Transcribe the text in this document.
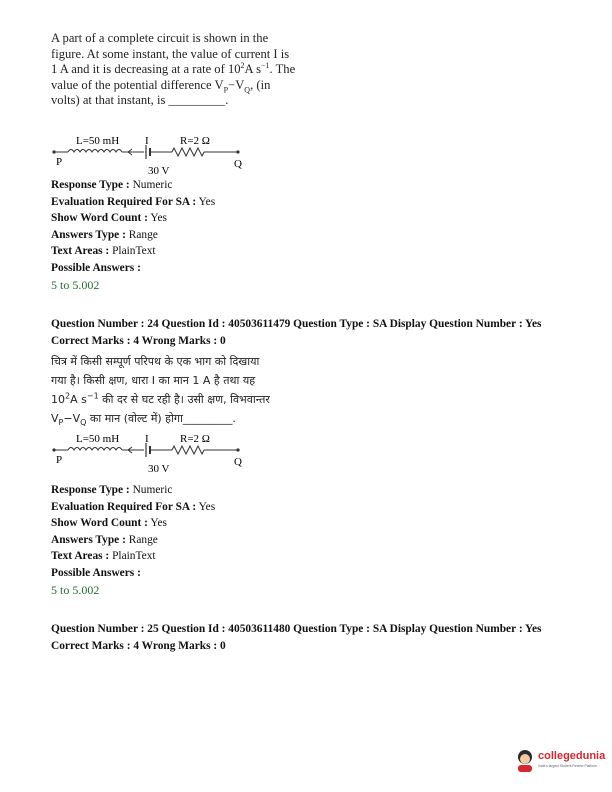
A part of a complete circuit is shown in the figure. At some instant, the value of current I is 1 A and it is decreasing at a rate of $10^2A$ $s^{-1}$. The value of the potential difference $V_P-V_Q$, (in volts) at that instant, is _________.
L=50 mH I	R=2 Ω
P
30 V
Q
Response Type : Numeric
Evaluation Required For SA : Yes
Show Word Count : Yes
Answers Type : Range
Text Areas : PlainText
Possible Answers :
5 to 5.002
Question Number : 24 Question Id : 40503611479 Question Type : SA Display Question Number : Yes
Correct Marks : 4 Wrong Marks : 0
चित्र में किसी सम्पूर्ण परिपथ के एक भाग को दिखाया
गया है। किसी क्षण, धारा I का मान 1 A है तथा यह
$10^2A$ $s^{-1}$ की दर से घट रही है। उसी क्षण, विभवान्तर
$V_P-V_Q$ का मान (वोल्ट में) होगा_________.
L=50 mH I	R=2 Ω
P
30 V
Q
Response Type : Numeric
Evaluation Required For SA : Yes
Show Word Count : Yes
Answers Type : Range
Text Areas : PlainText
Possible Answers :
5 to 5.002
Question Number : 25 Question Id : 40503611480 Question Type : SA Display Question Number : Yes
Correct Marks : 4 Wrong Marks : 0
collegedunia
India's largest Student Review Platform
